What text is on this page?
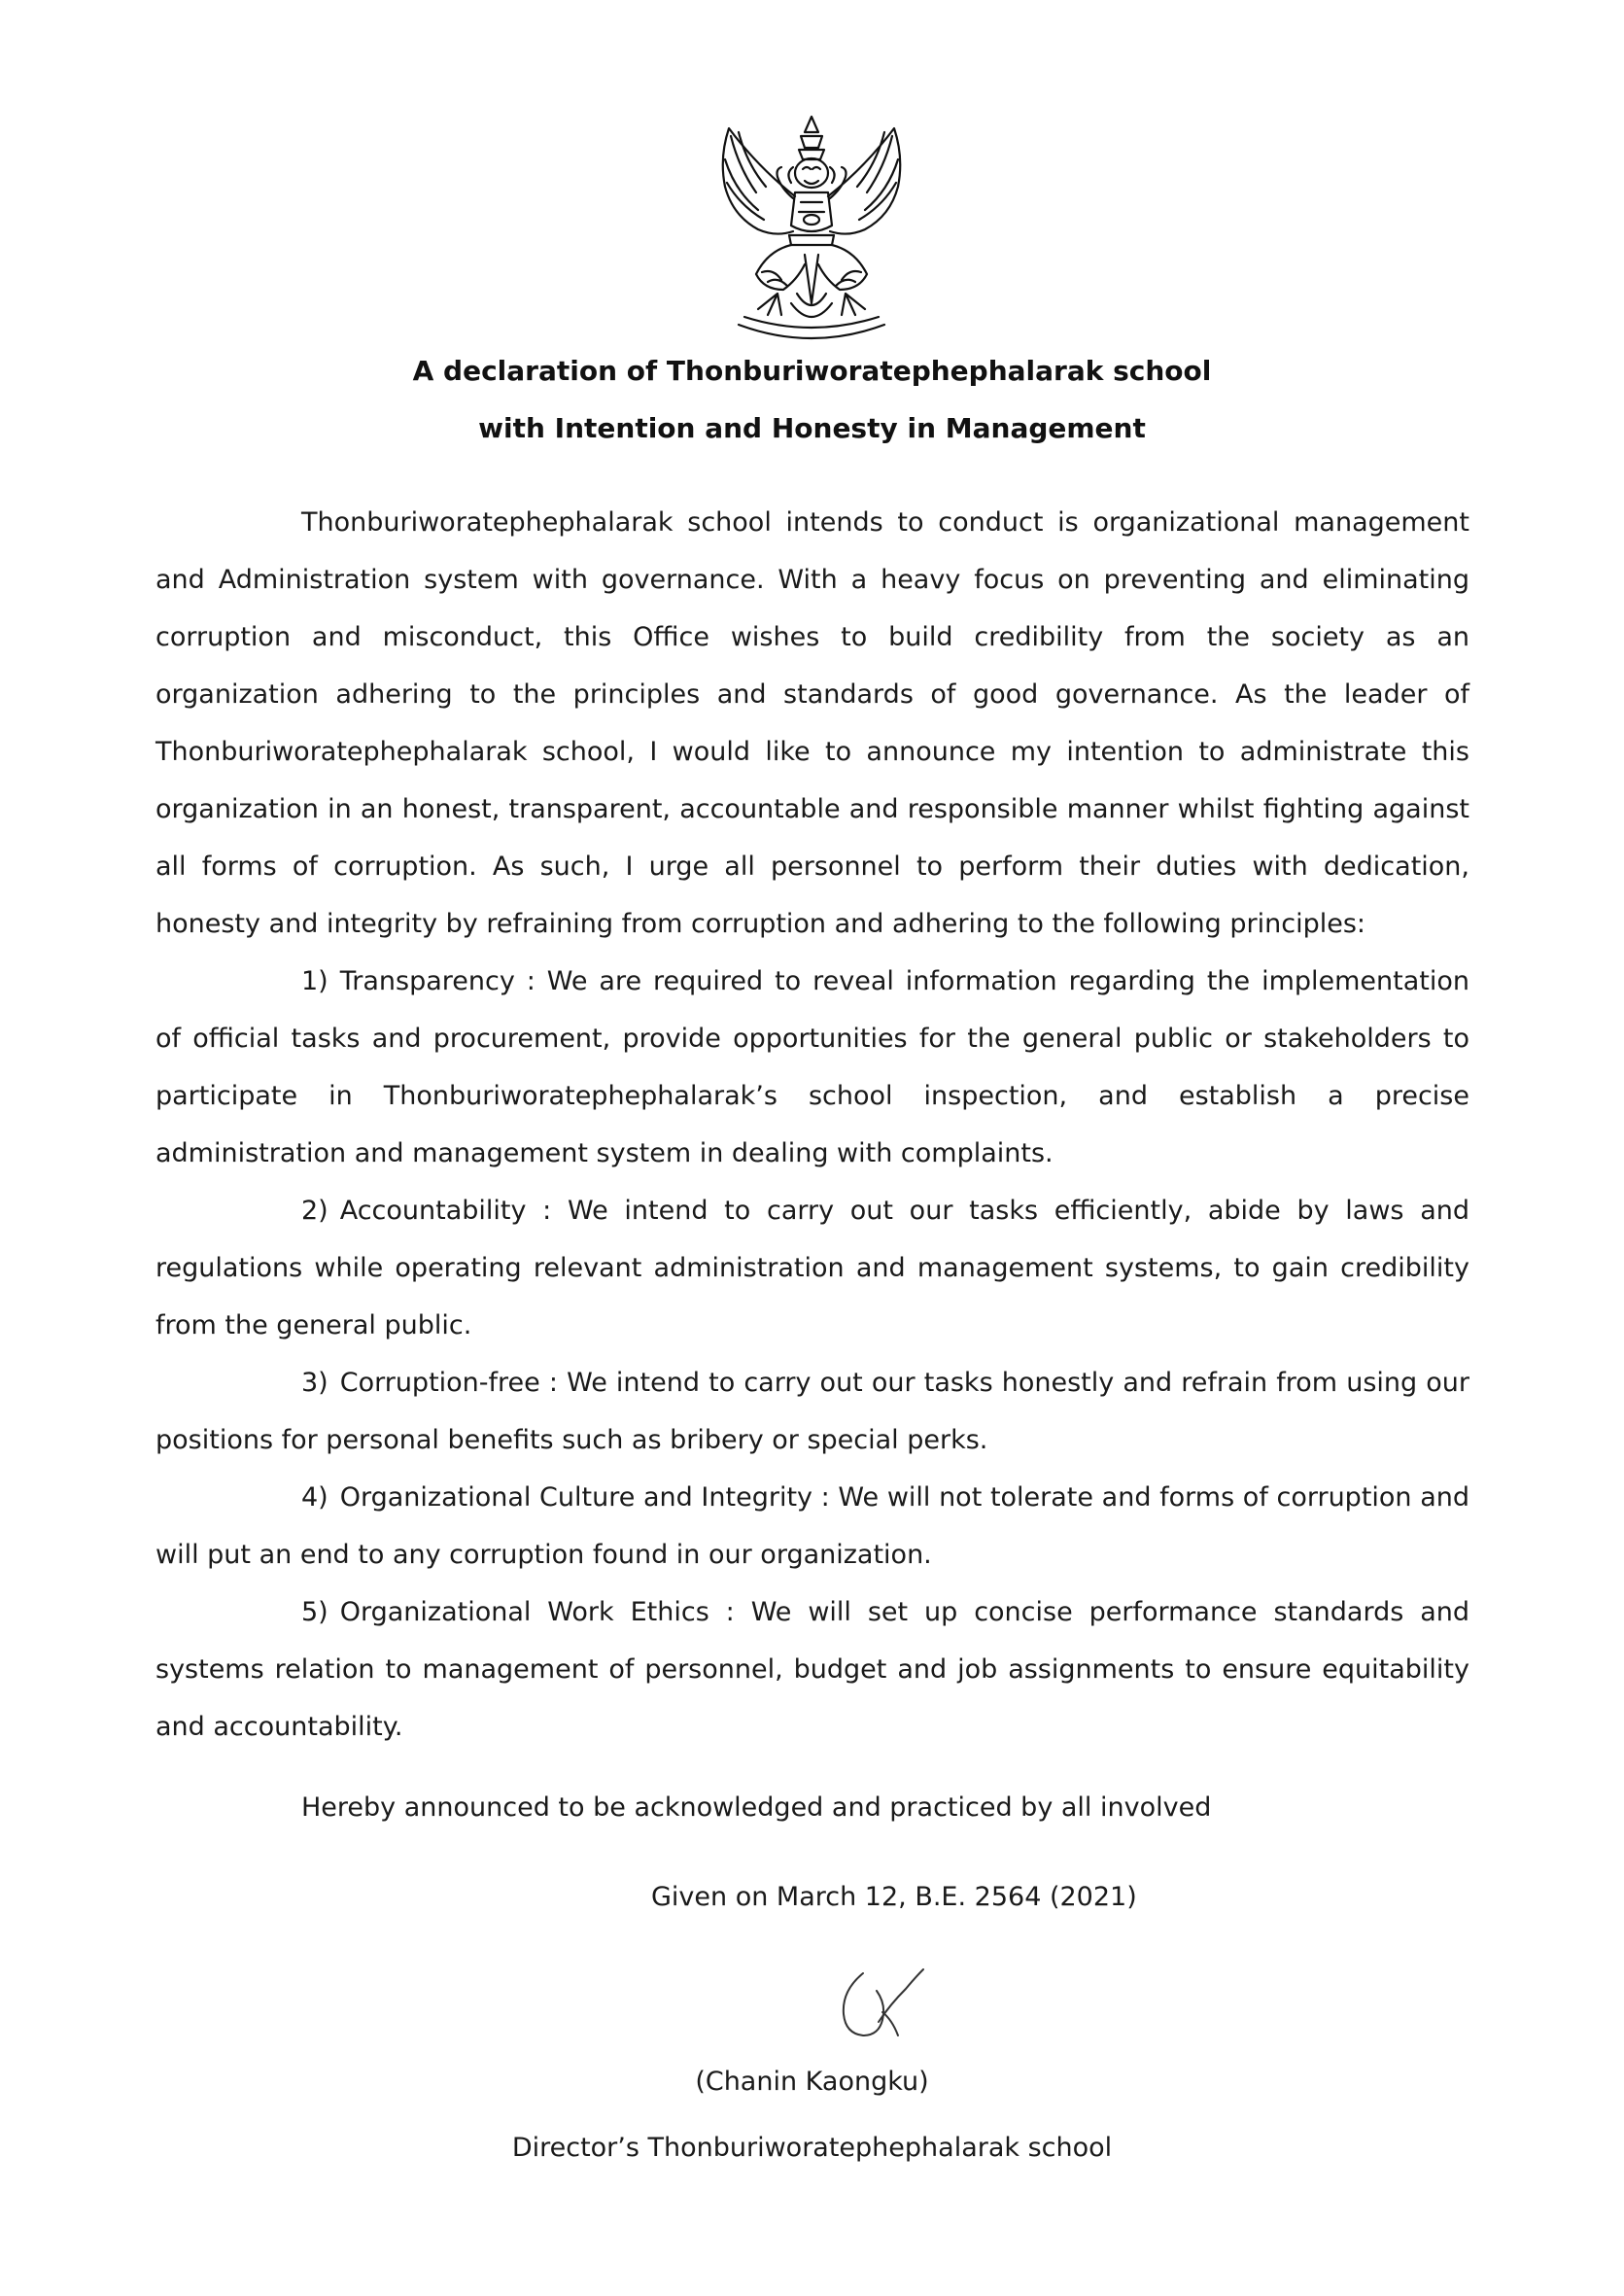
A declaration of Thonburiworatephephalarak school
with Intention and Honesty in Management

Thonburiworatephephalarak school intends to conduct is organizational management and Administration system with governance. With a heavy focus on preventing and eliminating corruption and misconduct, this Office wishes to build credibility from the society as an organization adhering to the principles and standards of good governance. As the leader of Thonburiworatephephalarak school, I would like to announce my intention to administrate this organization in an honest, transparent, accountable and responsible manner whilst fighting against all forms of corruption. As such, I urge all personnel to perform their duties with dedication, honesty and integrity by refraining from corruption and adhering to the following principles:

1) Transparency : We are required to reveal information regarding the implementation of official tasks and procurement, provide opportunities for the general public or stakeholders to participate in Thonburiworatephephalarak’s school inspection, and establish a precise administration and management system in dealing with complaints.

2) Accountability : We intend to carry out our tasks efficiently, abide by laws and regulations while operating relevant administration and management systems, to gain credibility from the general public.

3) Corruption-free : We intend to carry out our tasks honestly and refrain from using our positions for personal benefits such as bribery or special perks.

4) Organizational Culture and Integrity : We will not tolerate and forms of corruption and will put an end to any corruption found in our organization.

5) Organizational Work Ethics : We will set up concise performance standards and systems relation to management of personnel, budget and job assignments to ensure equitability and accountability.

Hereby announced to be acknowledged and practiced by all involved
Given on March 12, B.E. 2564 (2021)
(Chanin Kaongku)
Director’s Thonburiworatephephalarak school
